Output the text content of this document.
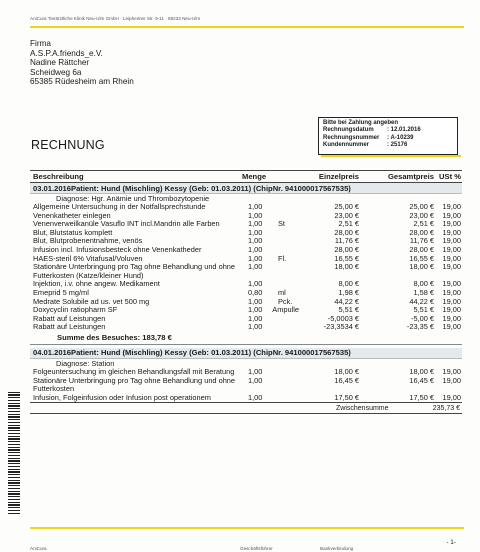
AniCura Tierärztliche Klinik Neu-Ulm GmbH · Leipheimer Str. 9-11 · 89233 Neu-Ulm
Firma
A.S.P.A.friends_e.V.
Nadine Rättcher
Scheidweg 6a
65385 Rüdesheim am Rhein
Bitte bei Zahlung angeben
Rechnungsdatum	: 12.01.2016
Rechnungsnummer	: A-10239
Kundennummer	: 25176
RECHNUNG
Beschreibung	Menge	Einzelpreis	Gesamtpreis USt %
03.01.2016 Patient: Hund (Mischling) Kessy (Geb: 01.03.2011) (ChipNr. 941000017567535)
Diagnose: Hgr. Anämie und Thrombozytopenie
Allgemeine Untersuchung in der Notfallsprechstunde	1,00	25,00 €	25,00 €	19,00
Venenkatheter einlegen	1,00	23,00 €	23,00 €	19,00
Venenverweilkanüle Vasuflo INT incl.Mandrin alle Farben	1,00	St	2,51 €	2,51 €	19,00
Blut, Blutstatus komplett	1,00	28,00 €	28,00 €	19,00
Blut, Blutprobenentnahme, venös	1,00	11,76 €	11,76 €	19,00
Infusion incl. Infusionsbesteck ohne Venenkatheder	1,00	28,00 €	28,00 €	19,00
HAES-steril 6% Vitafusal/Voluven	1,00	Fl.	16,55 €	16,55 €	19,00
Stationäre Unterbringung pro Tag ohne Behandlung und ohne Futterkosten (Katze/kleiner Hund)
1,00	18,00 €	18,00 €	19,00
Injektion, i.v. ohne angew. Medikament	1,00	8,00 €	8,00 €	19,00
Emeprid 5 mg/ml	0,80	ml	1,98 €	1,58 €	19,00
Medrate Solubile ad us. vet 500 mg	1,00	Pck.	44,22 €	44,22 €	19,00
Doxycyclin ratiopharm SF	1,00	Ampulle	5,51 €	5,51 €	19,00
Rabatt auf Leistungen	1,00	-5,0003 €	-5,00 €	19,00
Rabatt auf Leistungen	1,00	-23,3534 €	-23,35 €	19,00
Summe des Besuches: 183,78 €
04.01.2016 Patient: Hund (Mischling) Kessy (Geb: 01.03.2011) (ChipNr. 941000017567535)
Diagnose: Station
Folgeuntersuchung im gleichen Behandlungsfall mit Beratung	1,00	18,00 €	18,00 €	19,00
Stationäre Unterbringung pro Tag ohne Behandlung und ohne Futterkosten
1,00	16,45 €	16,45 €	19,00
Infusion, Folgeinfusion oder Infusion post operationem	1,00	17,50 €	17,50 €	19,00
Zwischensumme	235,73 €
- 1-
AniCura	Geschäftsführer	Bankverbindung
